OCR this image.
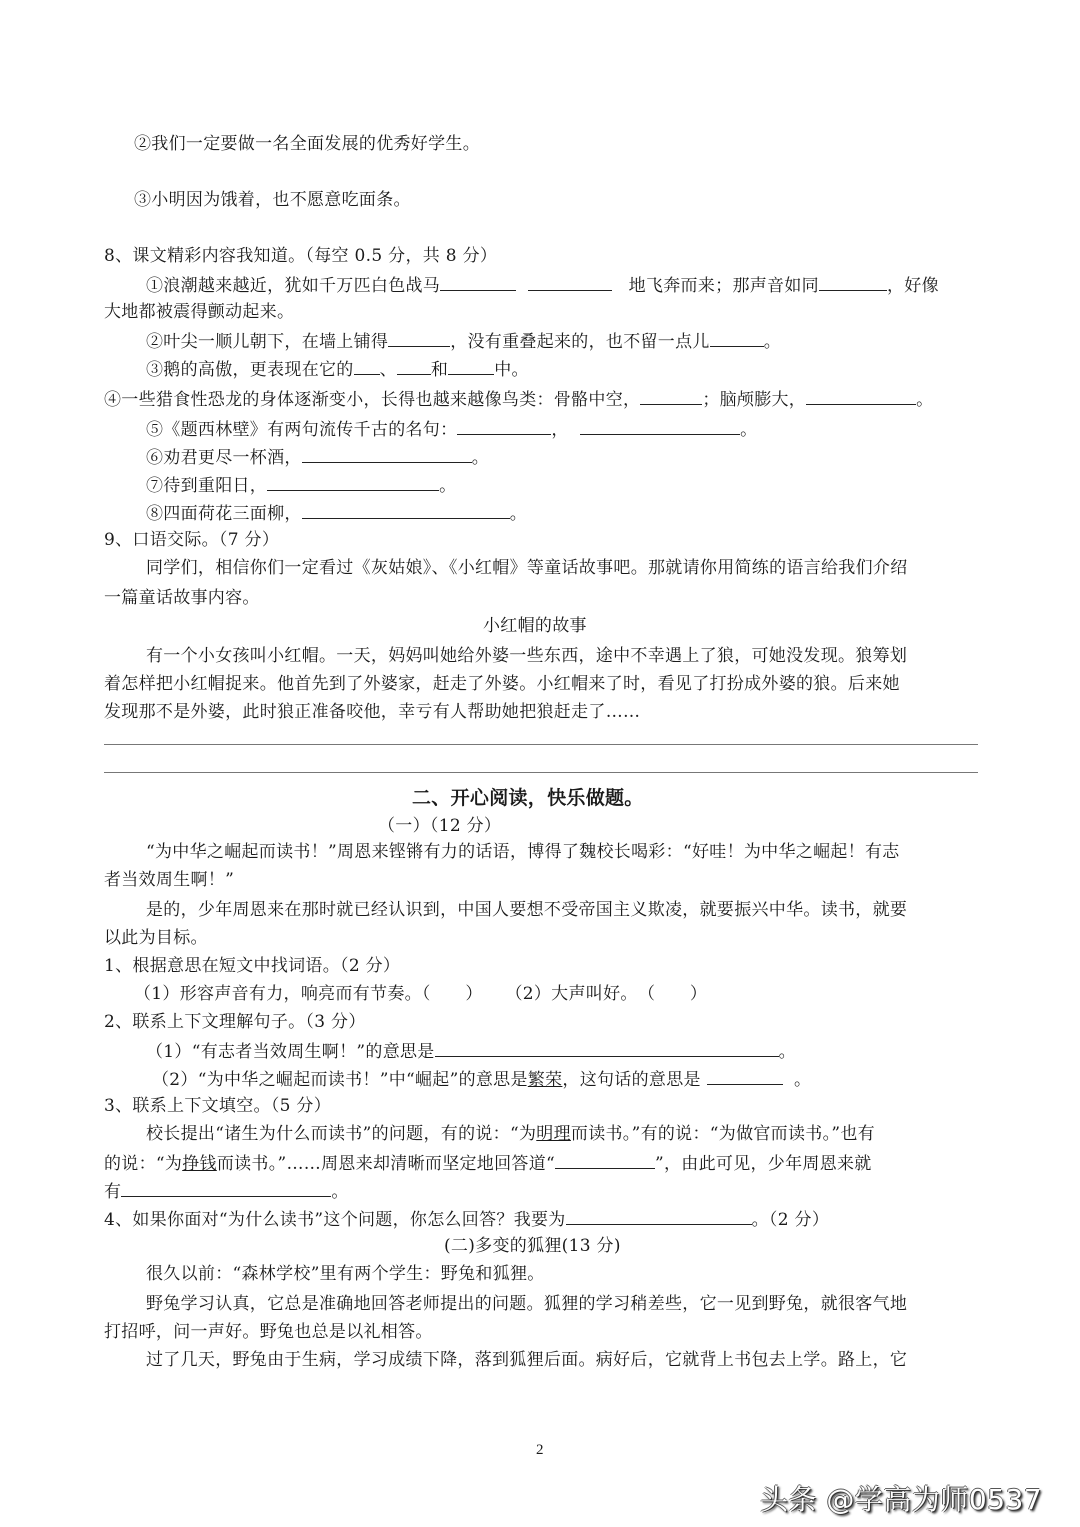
②我们一定要做一名全面发展的优秀好学生。
③小明因为饿着，也不愿意吃面条。
8、课文精彩内容我知道。（每空 0.5 分，共 8 分）
①浪潮越来越近，犹如千万匹白色战马	地飞奔而来；那声音如同	，好像
大地都被震得颤动起来。
②叶尖一顺儿朝下，在墙上铺得	，没有重叠起来的，也不留一点儿	。
③鹅的高傲，更表现在它的 、 和	中。
④一些猎食性恐龙的身体逐渐变小，长得也越来越像鸟类：骨骼中空，	；脑颅膨大，	。
⑤《题西林壁》有两句流传千古的名句：	，	。
⑥劝君更尽一杯酒，	。
⑦待到重阳日，	。
⑧四面荷花三面柳，	。
9、口语交际。（7 分）
同学们，相信你们一定看过《灰姑娘》、《小红帽》等童话故事吧。那就请你用简练的语言给我们介绍
一篇童话故事内容。
小红帽的故事
有一个小女孩叫小红帽。一天，妈妈叫她给外婆一些东西，途中不幸遇上了狼，可她没发现。狼筹划
着怎样把小红帽捉来。他首先到了外婆家，赶走了外婆。小红帽来了时，看见了打扮成外婆的狼。后来她
发现那不是外婆，此时狼正准备咬他，幸亏有人帮助她把狼赶走了……
二、开心阅读，快乐做题。
（一）（12 分）
“为中华之崛起而读书！”周恩来铿锵有力的话语，博得了魏校长喝彩：“好哇！为中华之崛起！有志
者当效周生啊！”
是的，少年周恩来在那时就已经认识到，中国人要想不受帝国主义欺凌，就要振兴中华。读书，就要
以此为目标。
1、根据意思在短文中找词语。（2 分）
（1）形容声音有力，响亮而有节奏。（　　） （2）大声叫好。　（　　）
2、联系上下文理解句子。（3 分）
（1）“有志者当效周生啊！”的意思是	。
（2）“为中华之崛起而读书！”中“崛起”的意思是繁荣，这句话的意思是	。
3、联系上下文填空。（5 分）
校长提出“诸生为什么而读书”的问题，有的说：“为明理而读书。”有的说：“为做官而读书。”也有
的说：“为挣钱而读书。”……周恩来却清晰而坚定地回答道“	”，由此可见，少年周恩来就
有	。
4、如果你面对“为什么读书”这个问题，你怎么回答？我要为	。（2 分）
(二)多变的狐狸(13 分)
很久以前：“森林学校”里有两个学生：野兔和狐狸。
野兔学习认真，它总是准确地回答老师提出的问题。狐狸的学习稍差些，它一见到野兔，就很客气地
打招呼，问一声好。野兔也总是以礼相答。
过了几天，野兔由于生病，学习成绩下降，落到狐狸后面。病好后，它就背上书包去上学。路上，它
2
头条 @学高为师0537
